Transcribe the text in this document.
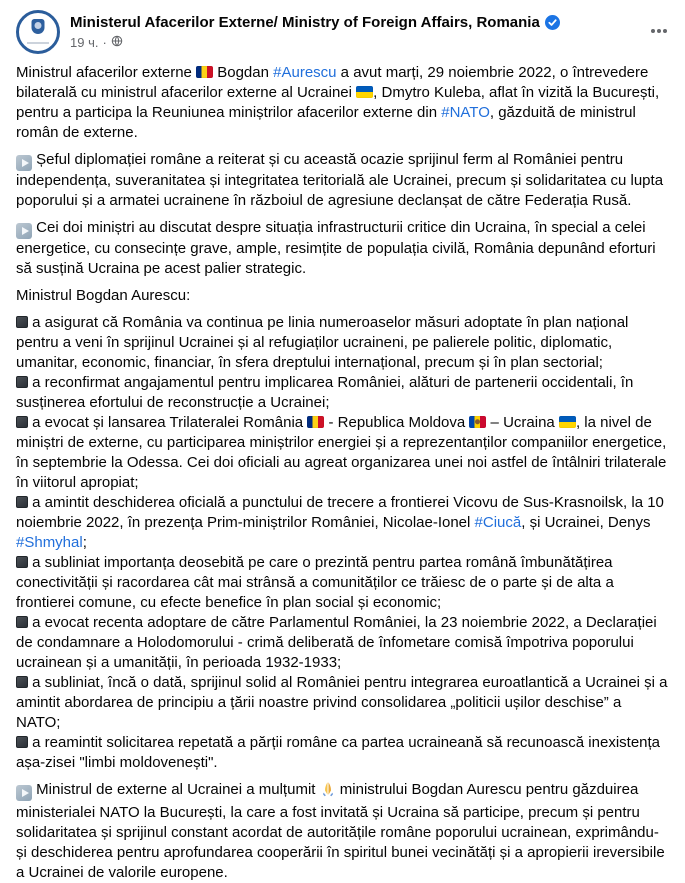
Ministerul Afacerilor Externe/ Ministry of Foreign Affairs, Romania
19 ч. ·
Ministrul afacerilor externe  Bogdan #Aurescu a avut marți, 29 noiembrie 2022, o întrevedere bilaterală cu ministrul afacerilor externe al Ucrainei , Dmytro Kuleba, aflat în vizită la București, pentru a participa la Reuniunea miniștrilor afacerilor externe din #NATO, găzduită de ministrul român de externe.
Șeful diplomației române a reiterat și cu această ocazie sprijinul ferm al României pentru independența, suveranitatea și integritatea teritorială ale Ucrainei, precum și solidaritatea cu lupta poporului și a armatei ucrainene în războiul de agresiune declanșat de către Federația Rusă.
Cei doi miniștri au discutat despre situația infrastructurii critice din Ucraina, în special a celei energetice, cu consecințe grave, ample, resimțite de populația civilă, România depunând eforturi să susțină Ucraina pe acest palier strategic.
Ministrul Bogdan Aurescu:
a asigurat că România va continua pe linia numeroaselor măsuri adoptate în plan național pentru a veni în sprijinul Ucrainei și al refugiaților ucraineni, pe palierele politic, diplomatic, umanitar, economic, financiar, în sfera dreptului internațional, precum și în plan sectorial;
a reconfirmat angajamentul pentru implicarea României, alături de partenerii occidentali, în susținerea efortului de reconstrucție a Ucrainei;
a evocat și lansarea Trilateralei România  - Republica Moldova  – Ucraina , la nivel de miniștri de externe, cu participarea miniștrilor energiei și a reprezentanților companiilor energetice, în septembrie la Odessa. Cei doi oficiali au agreat organizarea unei noi astfel de întâlniri trilaterale în viitorul apropiat;
a amintit deschiderea oficială a punctului de trecere a frontierei Vicovu de Sus-Krasnoilsk, la 10 noiembrie 2022, în prezența Prim-miniștrilor României, Nicolae-Ionel #Ciucă, și Ucrainei, Denys #Shmyhal;
a subliniat importanța deosebită pe care o prezintă pentru partea română îmbunătățirea conectivității și racordarea cât mai strânsă a comunităților ce trăiesc de o parte și de alta a frontierei comune, cu efecte benefice în plan social și economic;
a evocat recenta adoptare de către Parlamentul României, la 23 noiembrie 2022, a Declarației de condamnare a Holodomorului - crimă deliberată de înfometare comisă împotriva poporului ucrainean și a umanității, în perioada 1932-1933;
a subliniat, încă o dată, sprijinul solid al României pentru integrarea euroatlantică a Ucrainei și a amintit abordarea de principiu a țării noastre privind consolidarea „politicii ușilor deschise” a NATO;
a reamintit solicitarea repetată a părții române ca partea ucraineană să recunoască inexistența așa-zisei "limbi moldovenești".
Ministrul de externe al Ucrainei a mulțumit  ministrului Bogdan Aurescu pentru găzduirea ministerialei NATO la București, la care a fost invitată și Ucraina să participe, precum și pentru solidaritatea și sprijinul constant acordat de autoritățile române poporului ucrainean, exprimându-și deschiderea pentru aprofundarea cooperării în spiritul bunei vecinătăți și a apropierii ireversibile a Ucrainei de valorile europene.
